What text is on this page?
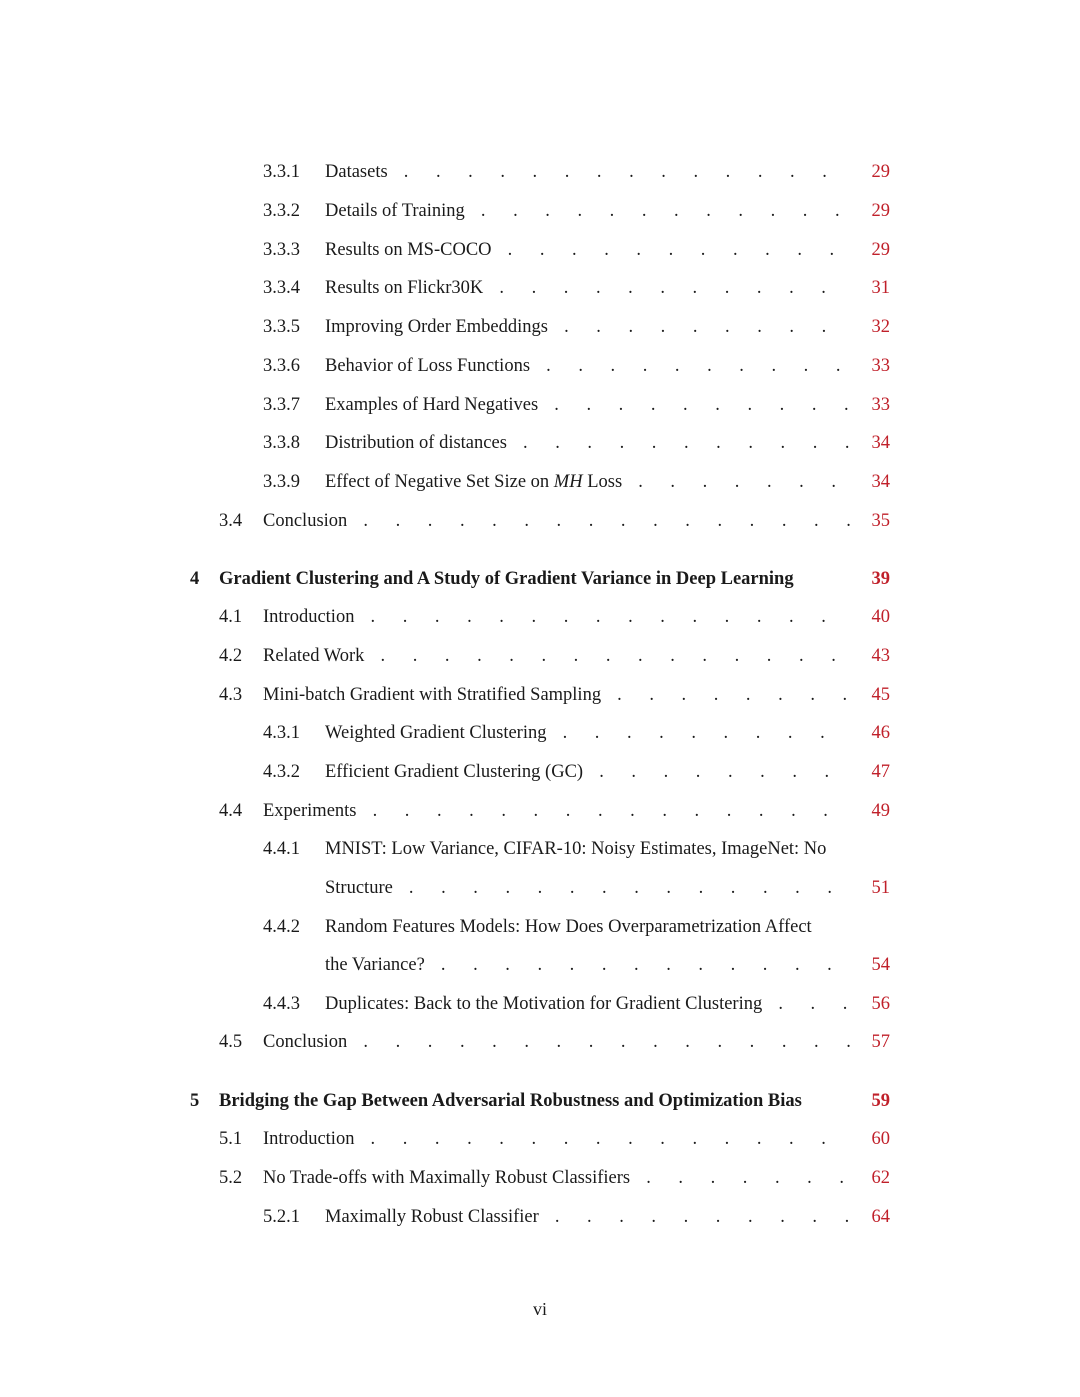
3.3.1 Datasets . . .	29
3.3.2 Details of Training . . .	29
3.3.3 Results on MS-COCO . . .	29
3.3.4 Results on Flickr30K . . .	31
3.3.5 Improving Order Embeddings . . .	32
3.3.6 Behavior of Loss Functions . . .	33
3.3.7 Examples of Hard Negatives . . .	33
3.3.8 Distribution of distances . . .	34
3.3.9 Effect of Negative Set Size on MH Loss . . .	34
3.4 Conclusion . . .	35
4 Gradient Clustering and A Study of Gradient Variance in Deep Learning	39
4.1 Introduction . . .	40
4.2 Related Work . . .	43
4.3 Mini-batch Gradient with Stratified Sampling . . .	45
4.3.1 Weighted Gradient Clustering . . .	46
4.3.2 Efficient Gradient Clustering (GC) . . .	47
4.4 Experiments . . .	49
4.4.1 MNIST: Low Variance, CIFAR-10: Noisy Estimates, ImageNet: No
Structure . . .	51
4.4.2 Random Features Models: How Does Overparametrization Affect
the Variance? . . .	54
4.4.3 Duplicates: Back to the Motivation for Gradient Clustering . . .	56
4.5 Conclusion . . .	57
5 Bridging the Gap Between Adversarial Robustness and Optimization Bias	59
5.1 Introduction . . .	60
5.2 No Trade-offs with Maximally Robust Classifiers . . .	62
5.2.1 Maximally Robust Classifier . . .	64
vi
